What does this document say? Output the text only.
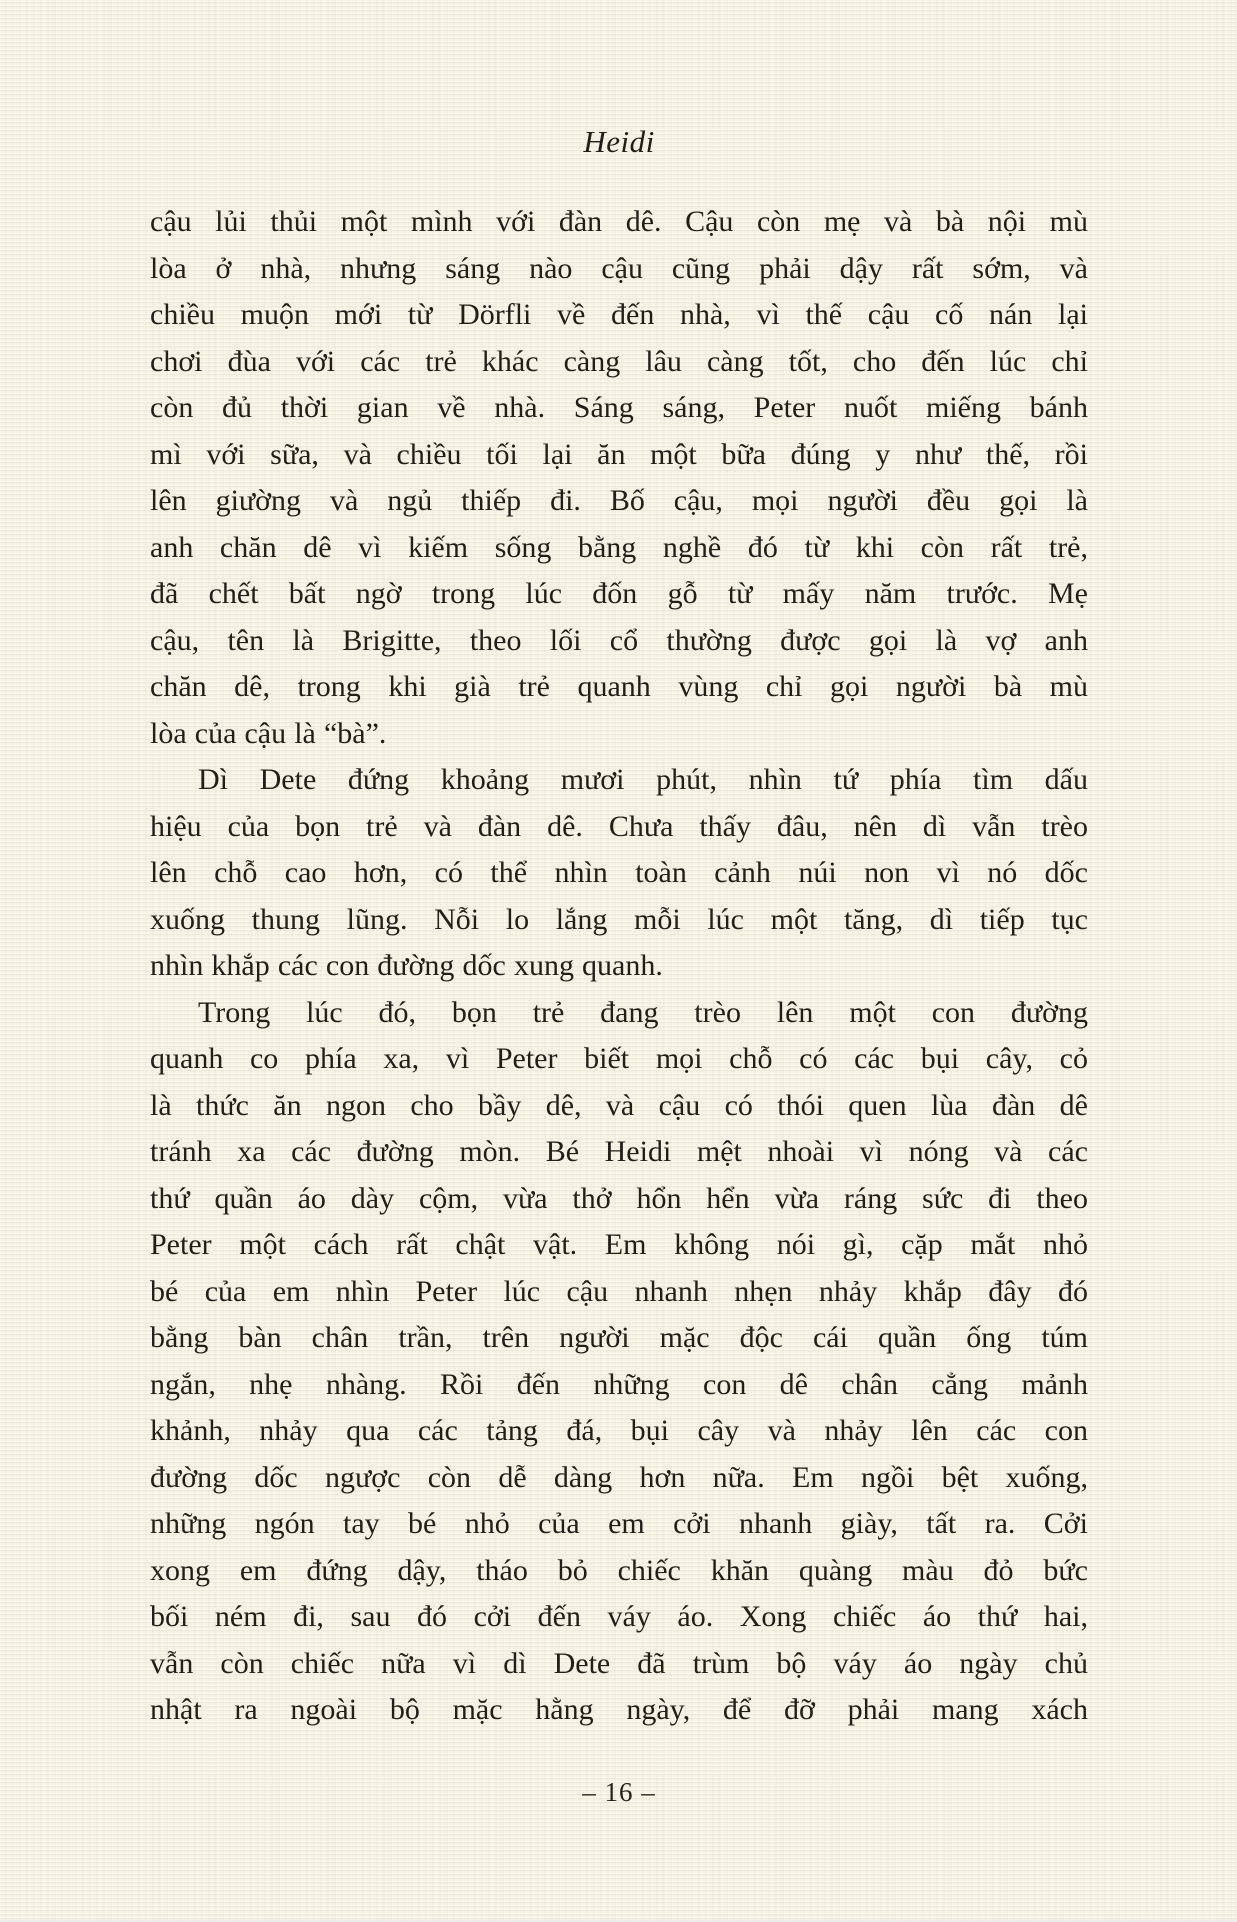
Heidi
cậu lủi thủi một mình với đàn dê. Cậu còn mẹ và bà nội mù
lòa ở nhà, nhưng sáng nào cậu cũng phải dậy rất sớm, và
chiều muộn mới từ Dörfli về đến nhà, vì thế cậu cố nán lại
chơi đùa với các trẻ khác càng lâu càng tốt, cho đến lúc chỉ
còn đủ thời gian về nhà. Sáng sáng, Peter nuốt miếng bánh
mì với sữa, và chiều tối lại ăn một bữa đúng y như thế, rồi
lên giường và ngủ thiếp đi. Bố cậu, mọi người đều gọi là
anh chăn dê vì kiếm sống bằng nghề đó từ khi còn rất trẻ,
đã chết bất ngờ trong lúc đốn gỗ từ mấy năm trước. Mẹ
cậu, tên là Brigitte, theo lối cổ thường được gọi là vợ anh
chăn dê, trong khi già trẻ quanh vùng chỉ gọi người bà mù
lòa của cậu là “bà”.
Dì Dete đứng khoảng mươi phút, nhìn tứ phía tìm dấu
hiệu của bọn trẻ và đàn dê. Chưa thấy đâu, nên dì vẫn trèo
lên chỗ cao hơn, có thể nhìn toàn cảnh núi non vì nó dốc
xuống thung lũng. Nỗi lo lắng mỗi lúc một tăng, dì tiếp tục
nhìn khắp các con đường dốc xung quanh.
Trong lúc đó, bọn trẻ đang trèo lên một con đường
quanh co phía xa, vì Peter biết mọi chỗ có các bụi cây, cỏ
là thức ăn ngon cho bầy dê, và cậu có thói quen lùa đàn dê
tránh xa các đường mòn. Bé Heidi mệt nhoài vì nóng và các
thứ quần áo dày cộm, vừa thở hổn hển vừa ráng sức đi theo
Peter một cách rất chật vật. Em không nói gì, cặp mắt nhỏ
bé của em nhìn Peter lúc cậu nhanh nhẹn nhảy khắp đây đó
bằng bàn chân trần, trên người mặc độc cái quần ống túm
ngắn, nhẹ nhàng. Rồi đến những con dê chân cẳng mảnh
khảnh, nhảy qua các tảng đá, bụi cây và nhảy lên các con
đường dốc ngược còn dễ dàng hơn nữa. Em ngồi bệt xuống,
những ngón tay bé nhỏ của em cởi nhanh giày, tất ra. Cởi
xong em đứng dậy, tháo bỏ chiếc khăn quàng màu đỏ bức
bối ném đi, sau đó cởi đến váy áo. Xong chiếc áo thứ hai,
vẫn còn chiếc nữa vì dì Dete đã trùm bộ váy áo ngày chủ
nhật ra ngoài bộ mặc hằng ngày, để đỡ phải mang xách
– 16 –
